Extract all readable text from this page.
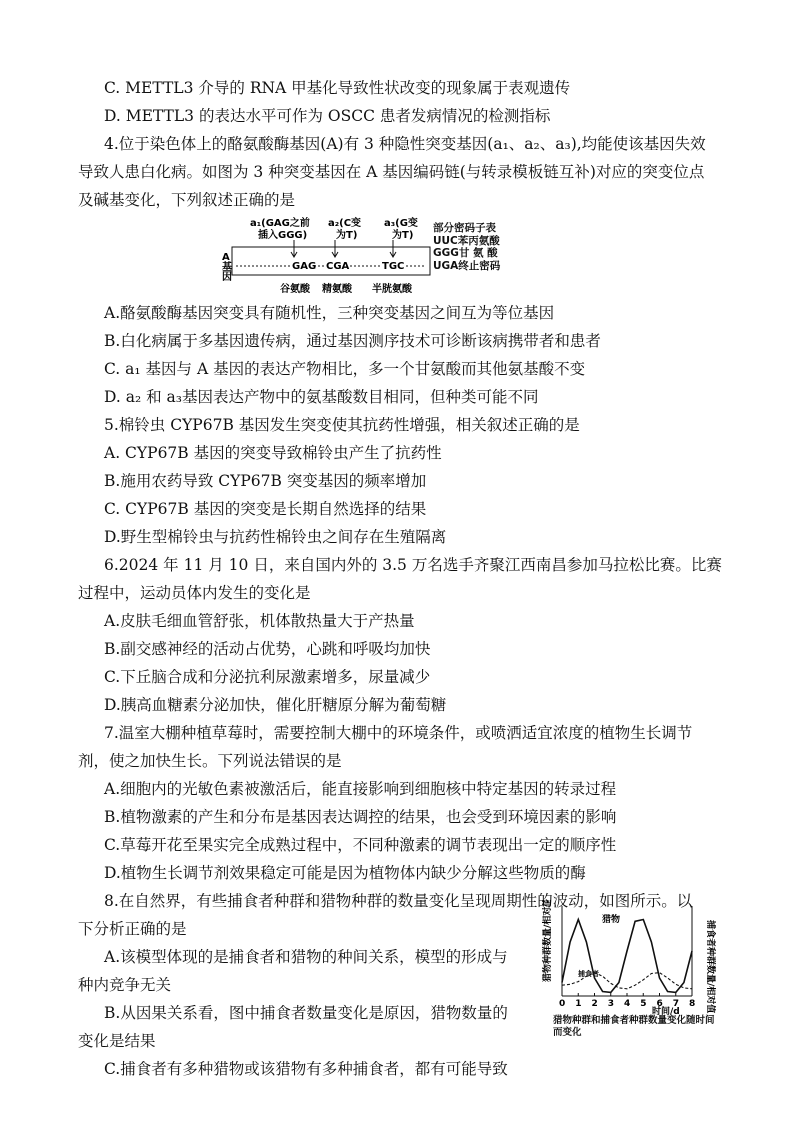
C. METTL3 介导的 RNA 甲基化导致性状改变的现象属于表观遗传
D. METTL3 的表达水平可作为 OSCC 患者发病情况的检测指标
4.位于染色体上的酪氨酸酶基因(A)有 3 种隐性突变基因(a₁、a₂、a₃),均能使该基因失效
导致人患白化病。如图为 3 种突变基因在 A 基因编码链(与转录模板链互补)对应的突变位点
及碱基变化，下列叙述正确的是
A
基
因
GAG CGA	TGC
谷氨酸 精氨酸 半胱氨酸
a₁(GAG之前
插入GGG)
a₂(C变
为T)
a₃(G变
为T)
部分密码子表
UUC苯丙氨酸
GGG甘 氨 酸
UGA终止密码
A.酪氨酸酶基因突变具有随机性，三种突变基因之间互为等位基因
B.白化病属于多基因遗传病，通过基因测序技术可诊断该病携带者和患者
C. a₁ 基因与 A 基因的表达产物相比，多一个甘氨酸而其他氨基酸不变
D. a₂ 和 a₃基因表达产物中的氨基酸数目相同，但种类可能不同
5.棉铃虫 CYP67B 基因发生突变使其抗药性增强，相关叙述正确的是
A. CYP67B 基因的突变导致棉铃虫产生了抗药性
B.施用农药导致 CYP67B 突变基因的频率增加
C. CYP67B 基因的突变是长期自然选择的结果
D.野生型棉铃虫与抗药性棉铃虫之间存在生殖隔离
6.2024 年 11 月 10 日，来自国内外的 3.5 万名选手齐聚江西南昌参加马拉松比赛。比赛
过程中，运动员体内发生的变化是
A.皮肤毛细血管舒张，机体散热量大于产热量
B.副交感神经的活动占优势，心跳和呼吸均加快
C.下丘脑合成和分泌抗利尿激素增多，尿量减少
D.胰高血糖素分泌加快，催化肝糖原分解为葡萄糖
7.温室大棚种植草莓时，需要控制大棚中的环境条件，或喷洒适宜浓度的植物生长调节
剂，使之加快生长。下列说法错误的是
A.细胞内的光敏色素被激活后，能直接影响到细胞核中特定基因的转录过程
B.植物激素的产生和分布是基因表达调控的结果，也会受到环境因素的影响
C.草莓开花至果实完全成熟过程中，不同种激素的调节表现出一定的顺序性
D.植物生长调节剂效果稳定可能是因为植物体内缺少分解这些物质的酶
8.在自然界，有些捕食者种群和猎物种群的数量变化呈现周期性的波动，如图所示。以
下分析正确的是
A.该模型体现的是捕食者和猎物的种间关系，模型的形成与
种内竞争无关
B.从因果关系看，图中捕食者数量变化是原因，猎物数量的
变化是结果
C.捕食者有多种猎物或该猎物有多种捕食者，都有可能导致
猎物种群数量/相对值	捕食者种群数量/相对值
时间/d
猎物
捕食者
0 1 2 3 4 5 6 7 8
猎物种群和捕食者种群数量变化随时间而变化
